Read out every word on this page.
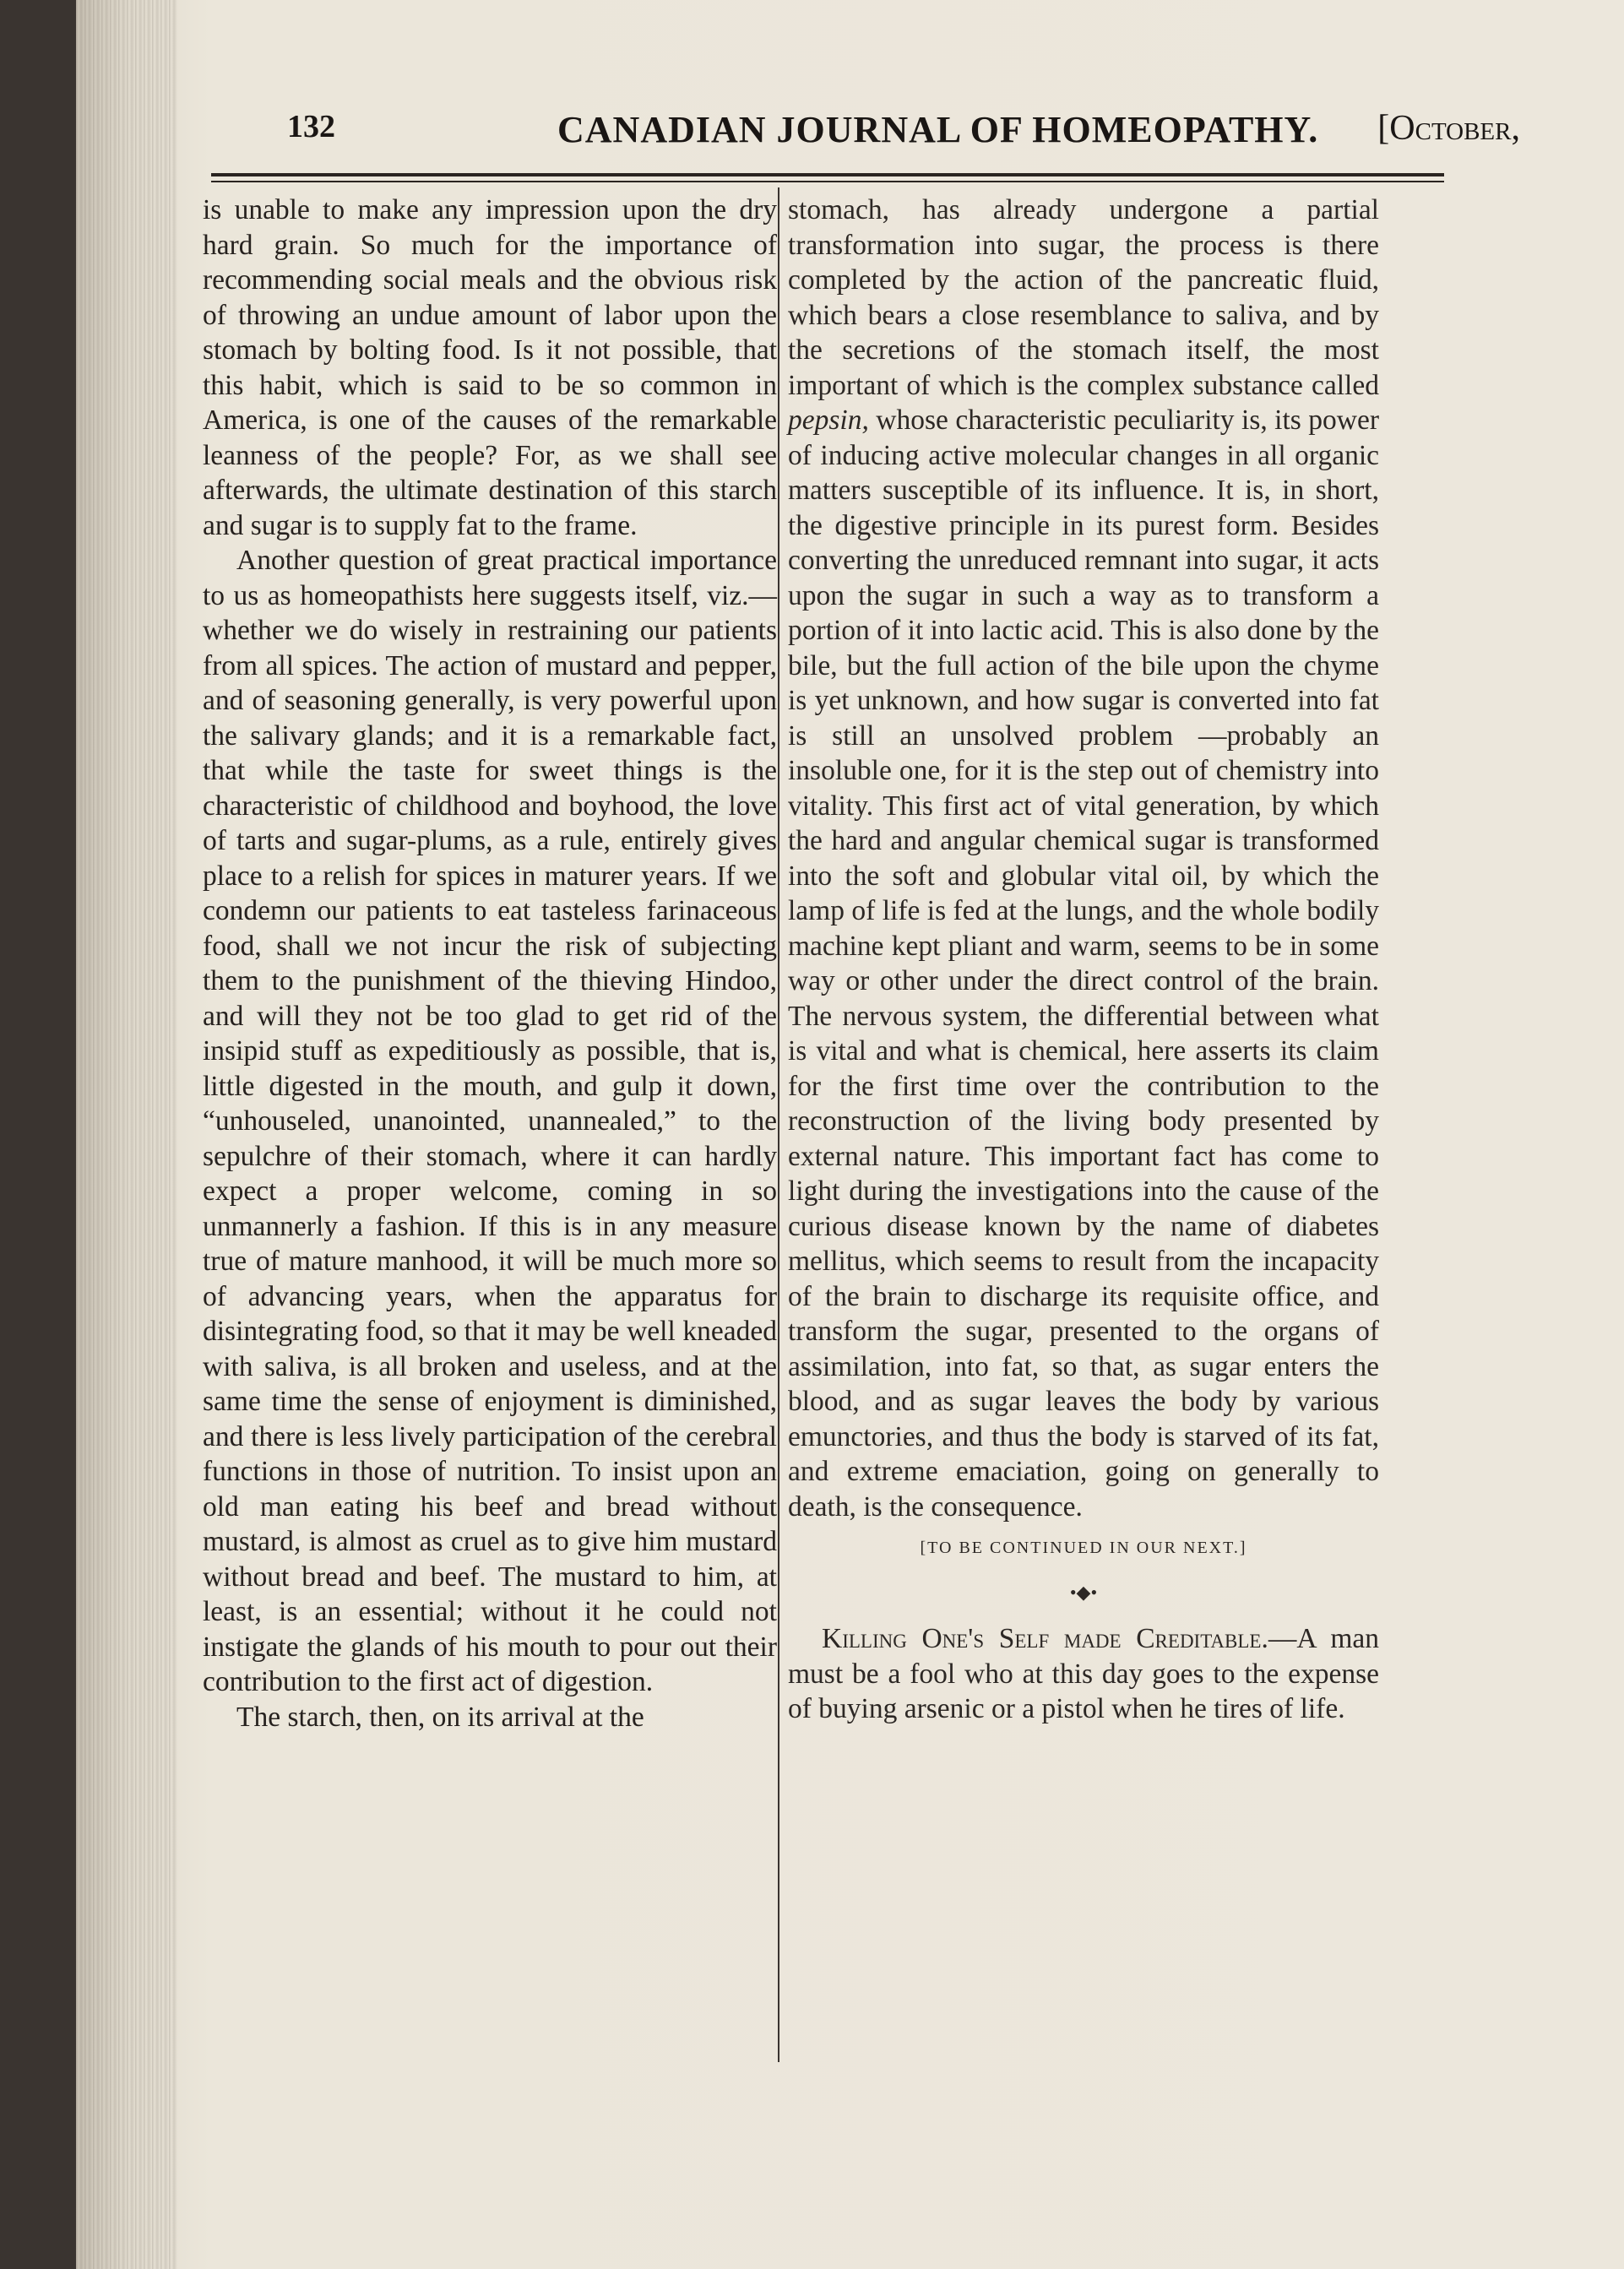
132	CANADIAN JOURNAL OF HOMEOPATHY. [October,

is unable to make any impression upon the dry hard grain. So much for the importance of recommending social meals and the obvious risk of throwing an undue amount of labor upon the stomach by bolting food. Is it not possible, that this habit, which is said to be so common in America, is one of the causes of the remarkable leanness of the people? For, as we shall see afterwards, the ultimate destination of this starch and sugar is to supply fat to the frame.

Another question of great practical importance to us as homeopathists here suggests itself, viz.—whether we do wisely in restraining our patients from all spices. The action of mustard and pepper, and of seasoning generally, is very powerful upon the salivary glands; and it is a remarkable fact, that while the taste for sweet things is the characteristic of childhood and boyhood, the love of tarts and sugar-plums, as a rule, entirely gives place to a relish for spices in maturer years. If we condemn our patients to eat tasteless farinaceous food, shall we not incur the risk of subjecting them to the punishment of the thieving Hindoo, and will they not be too glad to get rid of the insipid stuff as expeditiously as possible, that is, little digested in the mouth, and gulp it down, “unhouseled, unanointed, unannealed,” to the sepulchre of their stomach, where it can hardly expect a proper welcome, coming in so unmannerly a fashion. If this is in any measure true of mature manhood, it will be much more so of advancing years, when the apparatus for disintegrating food, so that it may be well kneaded with saliva, is all broken and useless, and at the same time the sense of enjoyment is diminished, and there is less lively participation of the cerebral functions in those of nutrition. To insist upon an old man eating his beef and bread without mustard, is almost as cruel as to give him mustard without bread and beef. The mustard to him, at least, is an essential; without it he could not instigate the glands of his mouth to pour out their contribution to the first act of digestion.

The starch, then, on its arrival at the

stomach, has already undergone a partial transformation into sugar, the process is there completed by the action of the pancreatic fluid, which bears a close resemblance to saliva, and by the secretions of the stomach itself, the most important of which is the complex substance called pepsin, whose characteristic peculiarity is, its power of inducing active molecular changes in all organic matters susceptible of its influence. It is, in short, the digestive principle in its purest form. Besides converting the unreduced remnant into sugar, it acts upon the sugar in such a way as to transform a portion of it into lactic acid. This is also done by the bile, but the full action of the bile upon the chyme is yet unknown, and how sugar is converted into fat is still an unsolved problem —probably an insoluble one, for it is the step out of chemistry into vitality. This first act of vital generation, by which the hard and angular chemical sugar is transformed into the soft and globular vital oil, by which the lamp of life is fed at the lungs, and the whole bodily machine kept pliant and warm, seems to be in some way or other under the direct control of the brain. The nervous system, the differential between what is vital and what is chemical, here asserts its claim for the first time over the contribution to the reconstruction of the living body presented by external nature. This important fact has come to light during the investigations into the cause of the curious disease known by the name of diabetes mellitus, which seems to result from the incapacity of the brain to discharge its requisite office, and transform the sugar, presented to the organs of assimilation, into fat, so that, as sugar enters the blood, and as sugar leaves the body by various emunctories, and thus the body is starved of its fat, and extreme emaciation, going on generally to death, is the consequence.

[TO BE CONTINUED IN OUR NEXT.]

•◆•

Killing One's Self made Creditable.—A man must be a fool who at this day goes to the expense of buying arsenic or a pistol when he tires of life.
